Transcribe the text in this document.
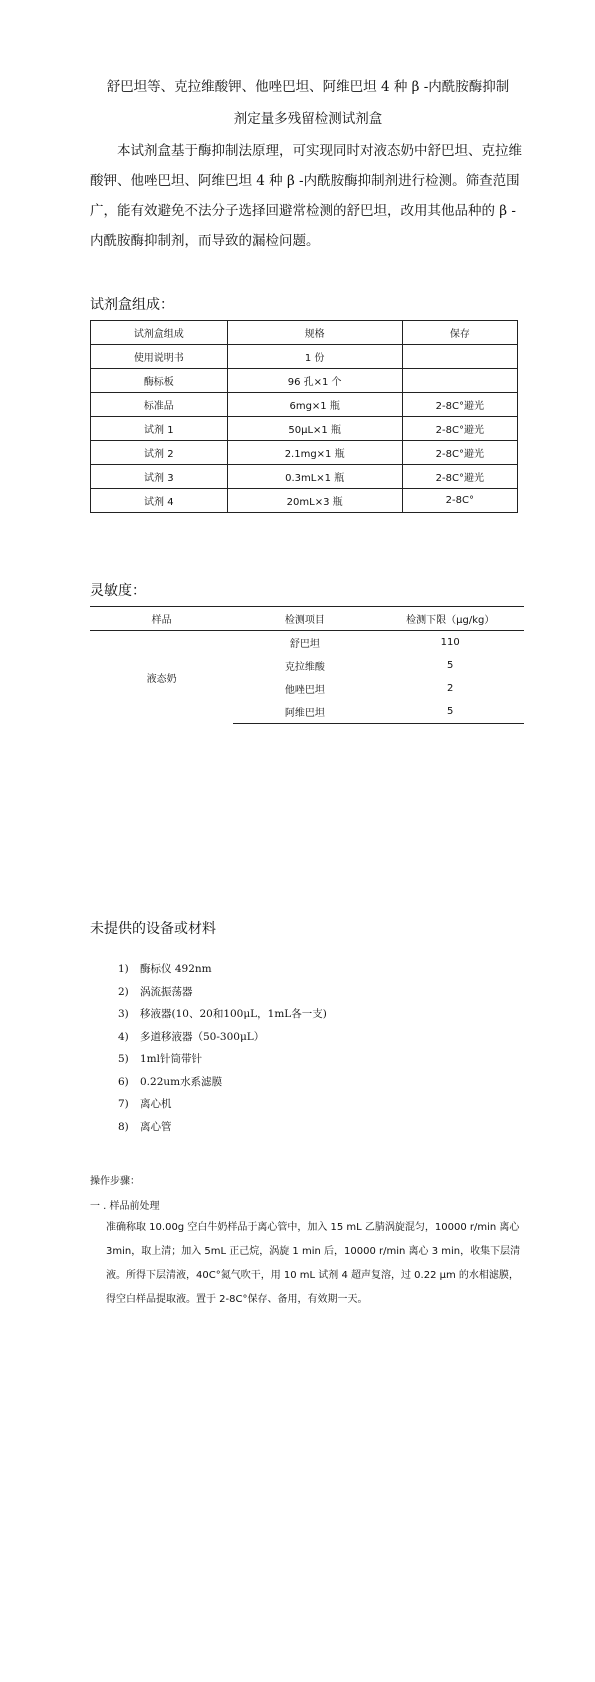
舒巴坦等、克拉维酸钾、他唑巴坦、阿维巴坦 4 种 β -内酰胺酶抑制
剂定量多残留检测试剂盒
本试剂盒基于酶抑制法原理，可实现同时对液态奶中舒巴坦、克拉维酸钾、他唑巴坦、阿维巴坦 4 种 β -内酰胺酶抑制剂进行检测。筛查范围广，能有效避免不法分子选择回避常检测的舒巴坦，改用其他品种的 β -内酰胺酶抑制剂，而导致的漏检问题。
试剂盒组成：
试剂盒组成	规格	保存
使用说明书	1 份	
酶标板	96 孔×1 个	
标准品	6mg×1 瓶	2-8C°避光
试剂 1	50μL×1 瓶	2-8C°避光
试剂 2	2.1mg×1 瓶	2-8C°避光
试剂 3	0.3mL×1 瓶	2-8C°避光
试剂 4	20mL×3 瓶	2-8C°
灵敏度：
样品	检测项目	检测下限（μg/kg）
液态奶	舒巴坦	110
	克拉维酸	5
	他唑巴坦	2
	阿维巴坦	5
未提供的设备或材料
1) 酶标仪 492nm
2) 涡流振荡器
3) 移液器(10、20和100μL，1mL各一支)
4) 多道移液器（50-300μL）
5) 1ml针筒带针
6) 0.22um水系滤膜
7) 离心机
8) 离心管
操作步骤：
一 . 样品前处理
准确称取 10.00g 空白牛奶样品于离心管中，加入 15 mL 乙腈涡旋混匀，10000 r/min 离心 3min，取上清；加入 5mL 正己烷，涡旋 1 min 后，10000 r/min 离心 3 min，收集下层清液。所得下层清液，40C°氮气吹干，用 10 mL 试剂 4 超声复溶，过 0.22 μm 的水相滤膜，得空白样品提取液。置于 2-8C°保存、备用，有效期一天。
